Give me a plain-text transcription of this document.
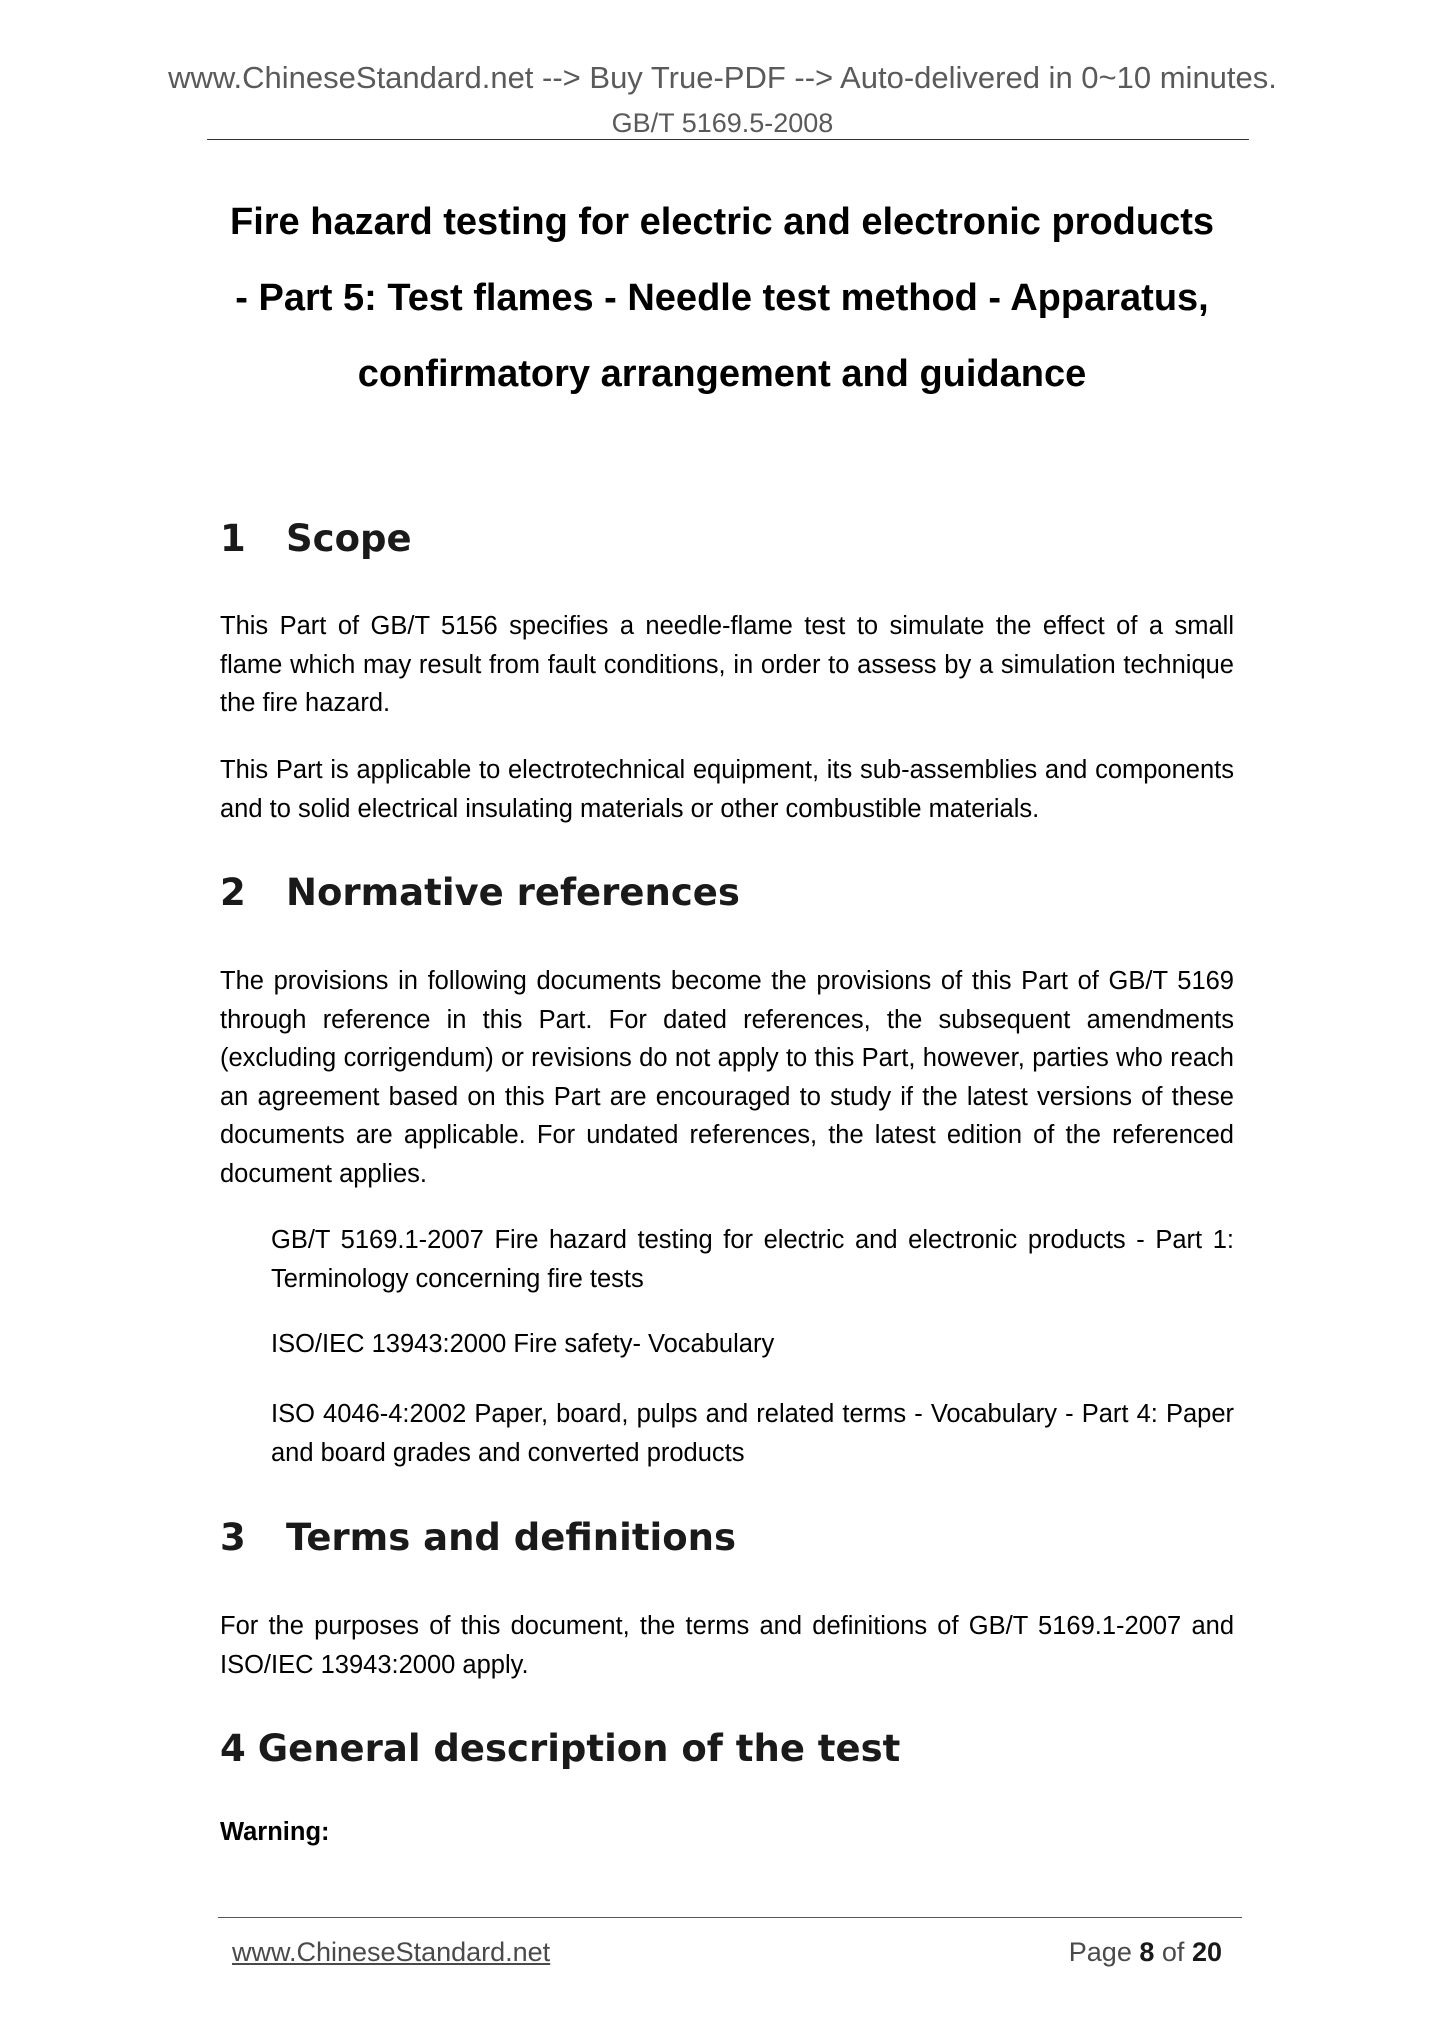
www.ChineseStandard.net --> Buy True-PDF --> Auto-delivered in 0~10 minutes.
GB/T 5169.5-2008
Fire hazard testing for electric and electronic products
- Part 5: Test flames - Needle test method - Apparatus,
confirmatory arrangement and guidance
1 Scope

This Part of GB/T 5156 specifies a needle-flame test to simulate the effect of a small flame which may result from fault conditions, in order to assess by a simulation technique the fire hazard.

This Part is applicable to electrotechnical equipment, its sub-assemblies and components and to solid electrical insulating materials or other combustible materials.

2 Normative references

The provisions in following documents become the provisions of this Part of GB/T 5169 through reference in this Part. For dated references, the subsequent amendments (excluding corrigendum) or revisions do not apply to this Part, however, parties who reach an agreement based on this Part are encouraged to study if the latest versions of these documents are applicable. For undated references, the latest edition of the referenced document applies.

GB/T 5169.1-2007 Fire hazard testing for electric and electronic products - Part 1: Terminology concerning fire tests

ISO/IEC 13943:2000 Fire safety- Vocabulary

ISO 4046-4:2002 Paper, board, pulps and related terms - Vocabulary - Part 4: Paper and board grades and converted products

3 Terms and definitions

For the purposes of this document, the terms and definitions of GB/T 5169.1-2007 and ISO/IEC 13943:2000 apply.

4 General description of the test

Warning:

www.ChineseStandard.net	Page 8 of 20
